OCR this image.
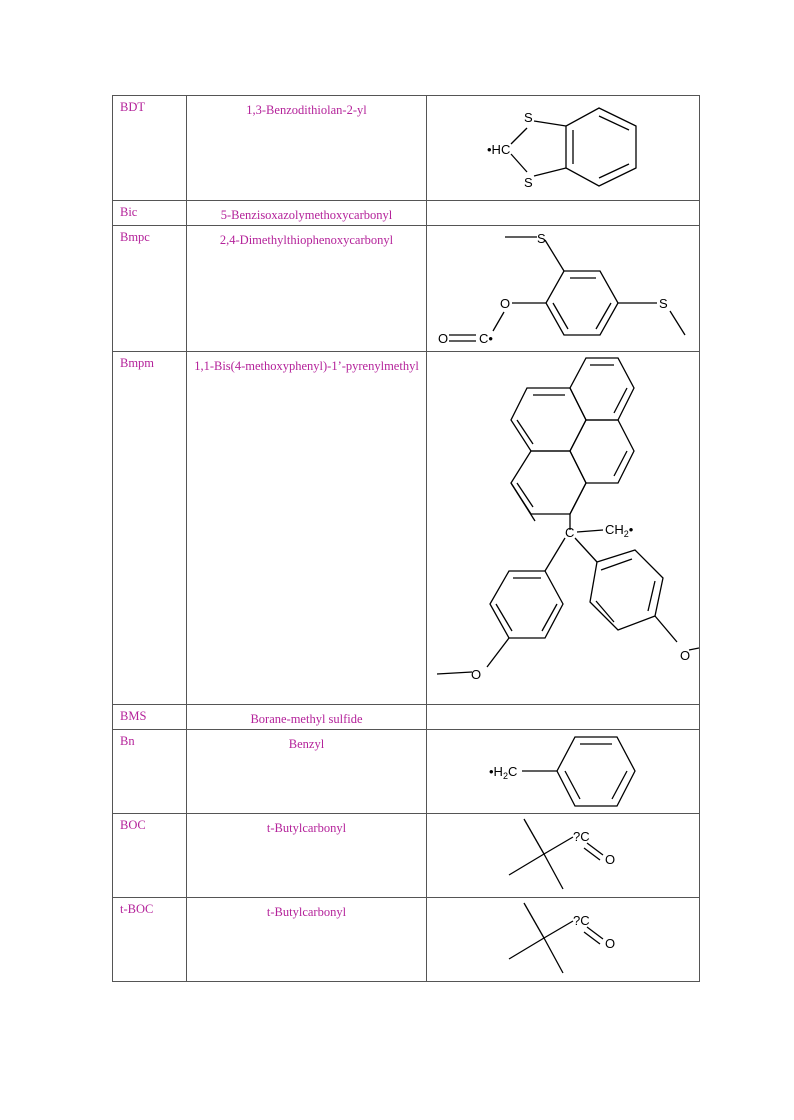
BDT	1,3-Benzodithiolan-2-yl	S
S
•HC

Bic	5-Benzisoxazolymethoxycarbonyl	
Bmpc	2,4-Dimethylthiophenoxycarbonyl	S
S
O
C•
O

Bmpm	1,1-Bis(4-methoxyphenyl)-1’-pyrenylmethyl	C $CH_2•$
O
O

BMS	Borane-methyl sulfide	
Bn	Benzyl	$•H_2C$

BOC	t-Butylcarbonyl	?C
O

t-BOC	t-Butylcarbonyl	?C
O
